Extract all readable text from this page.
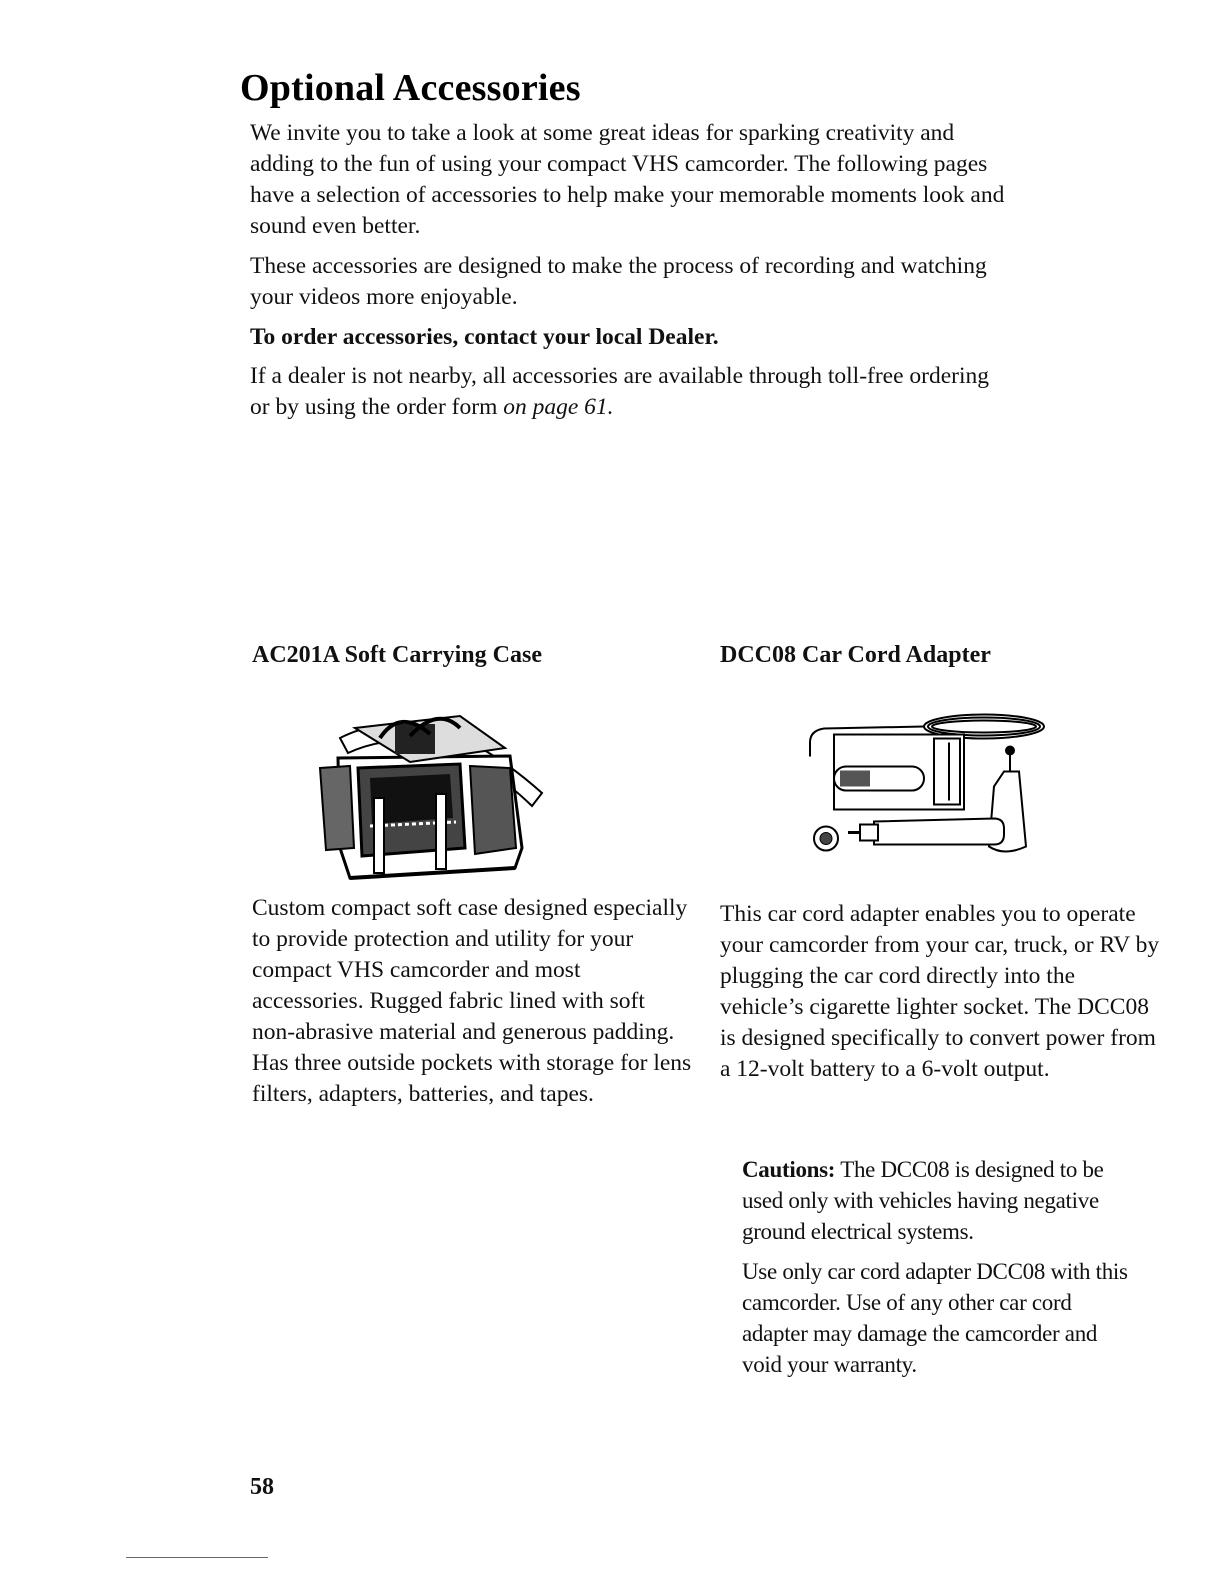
Optional Accessories

We invite you to take a look at some great ideas for sparking creativity and adding to the fun of using your compact VHS camcorder. The following pages have a selection of accessories to help make your memorable moments look and sound even better.

These accessories are designed to make the process of recording and watching your videos more enjoyable.

To order accessories, contact your local Dealer.

If a dealer is not nearby, all accessories are available through toll-free ordering or by using the order form on page 61.

AC201A Soft Carrying Case

Custom compact soft case designed especially to provide protection and utility for your compact VHS camcorder and most accessories. Rugged fabric lined with soft non-abrasive material and generous padding. Has three outside pockets with storage for lens filters, adapters, batteries, and tapes.

DCC08 Car Cord Adapter

This car cord adapter enables you to operate your camcorder from your car, truck, or RV by plugging the car cord directly into the vehicle’s cigarette lighter socket. The DCC08 is designed specifically to convert power from a 12-volt battery to a 6-volt output.

Cautions: The DCC08 is designed to be used only with vehicles having negative ground electrical systems.

Use only car cord adapter DCC08 with this camcorder. Use of any other car cord adapter may damage the camcorder and void your warranty.

58
